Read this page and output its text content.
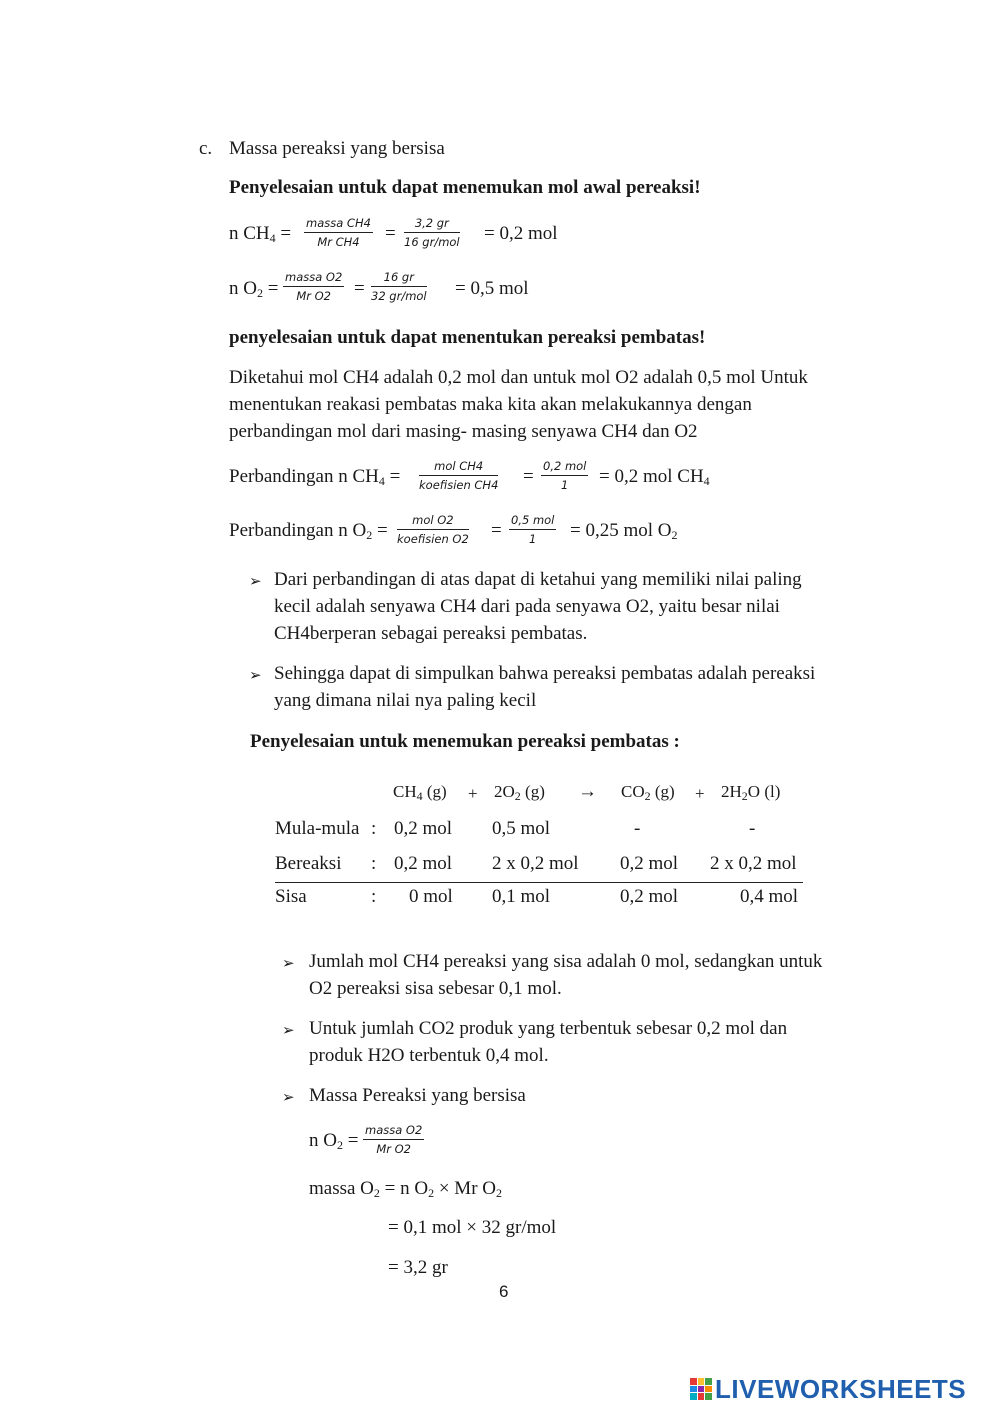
c. Massa pereaksi yang bersisa
Penyelesaian untuk dapat menemukan mol awal pereaksi!
n $CH_4$ = massa CH4
Mr CH4	=	3,2 gr
16 gr/mol = 0,2 mol
n $O_2$ =
massa O2
Mr O2	=
16 gr
32 gr/mol = 0,5 mol
penyelesaian untuk dapat menentukan pereaksi pembatas!
Diketahui mol CH4 adalah 0,2 mol dan untuk mol O2 adalah 0,5 mol Untuk
menentukan reakasi pembatas maka kita akan melakukannya dengan
perbandingan mol dari masing- masing senyawa CH4 dan O2
Perbandingan n $CH_4$ =	mol CH4
koefisien CH4 = 0,2 mol
1	= 0,2 mol $CH_4$
Perbandingan n $O_2$ =	mol O2
koefisien O2 = 0,5 mol
1	= 0,25 mol $O_2$
➢ Dari perbandingan di atas dapat di ketahui yang memiliki nilai paling
kecil adalah senyawa CH4 dari pada senyawa O2, yaitu besar nilai
CH4berperan sebagai pereaksi pembatas.
➢ Sehingga dapat di simpulkan bahwa pereaksi pembatas adalah pereaksi
yang dimana nilai nya paling kecil
Penyelesaian untuk menemukan pereaksi pembatas :
$CH_4$ $(g) + 2O_2$ $(g) \to CO_2$ $(g) + 2H_2O$ (l)
Mula-mula : 0,2 mol 0,5 mol	-	-
Bereaksi : 0,2 mol 2 x 0,2 mol 0,2 mol 2 x 0,2 mol
Sisa	: 0 mol 0,1 mol	0,2 mol	0,4 mol
➢ Jumlah mol CH4 pereaksi yang sisa adalah 0 mol, sedangkan untuk
O2 pereaksi sisa sebesar 0,1 mol.
➢ Untuk jumlah CO2 produk yang terbentuk sebesar 0,2 mol dan
produk H2O terbentuk 0,4 mol.
➢ Massa Pereaksi yang bersisa
n $O_2$ = massa O2
Mr O2
massa $O_2 = n$ $O_2 \times Mr$ $O_2$
= 0,1 mol × 32 gr/mol
= 3,2 gr
6
LIVEWORKSHEETS
